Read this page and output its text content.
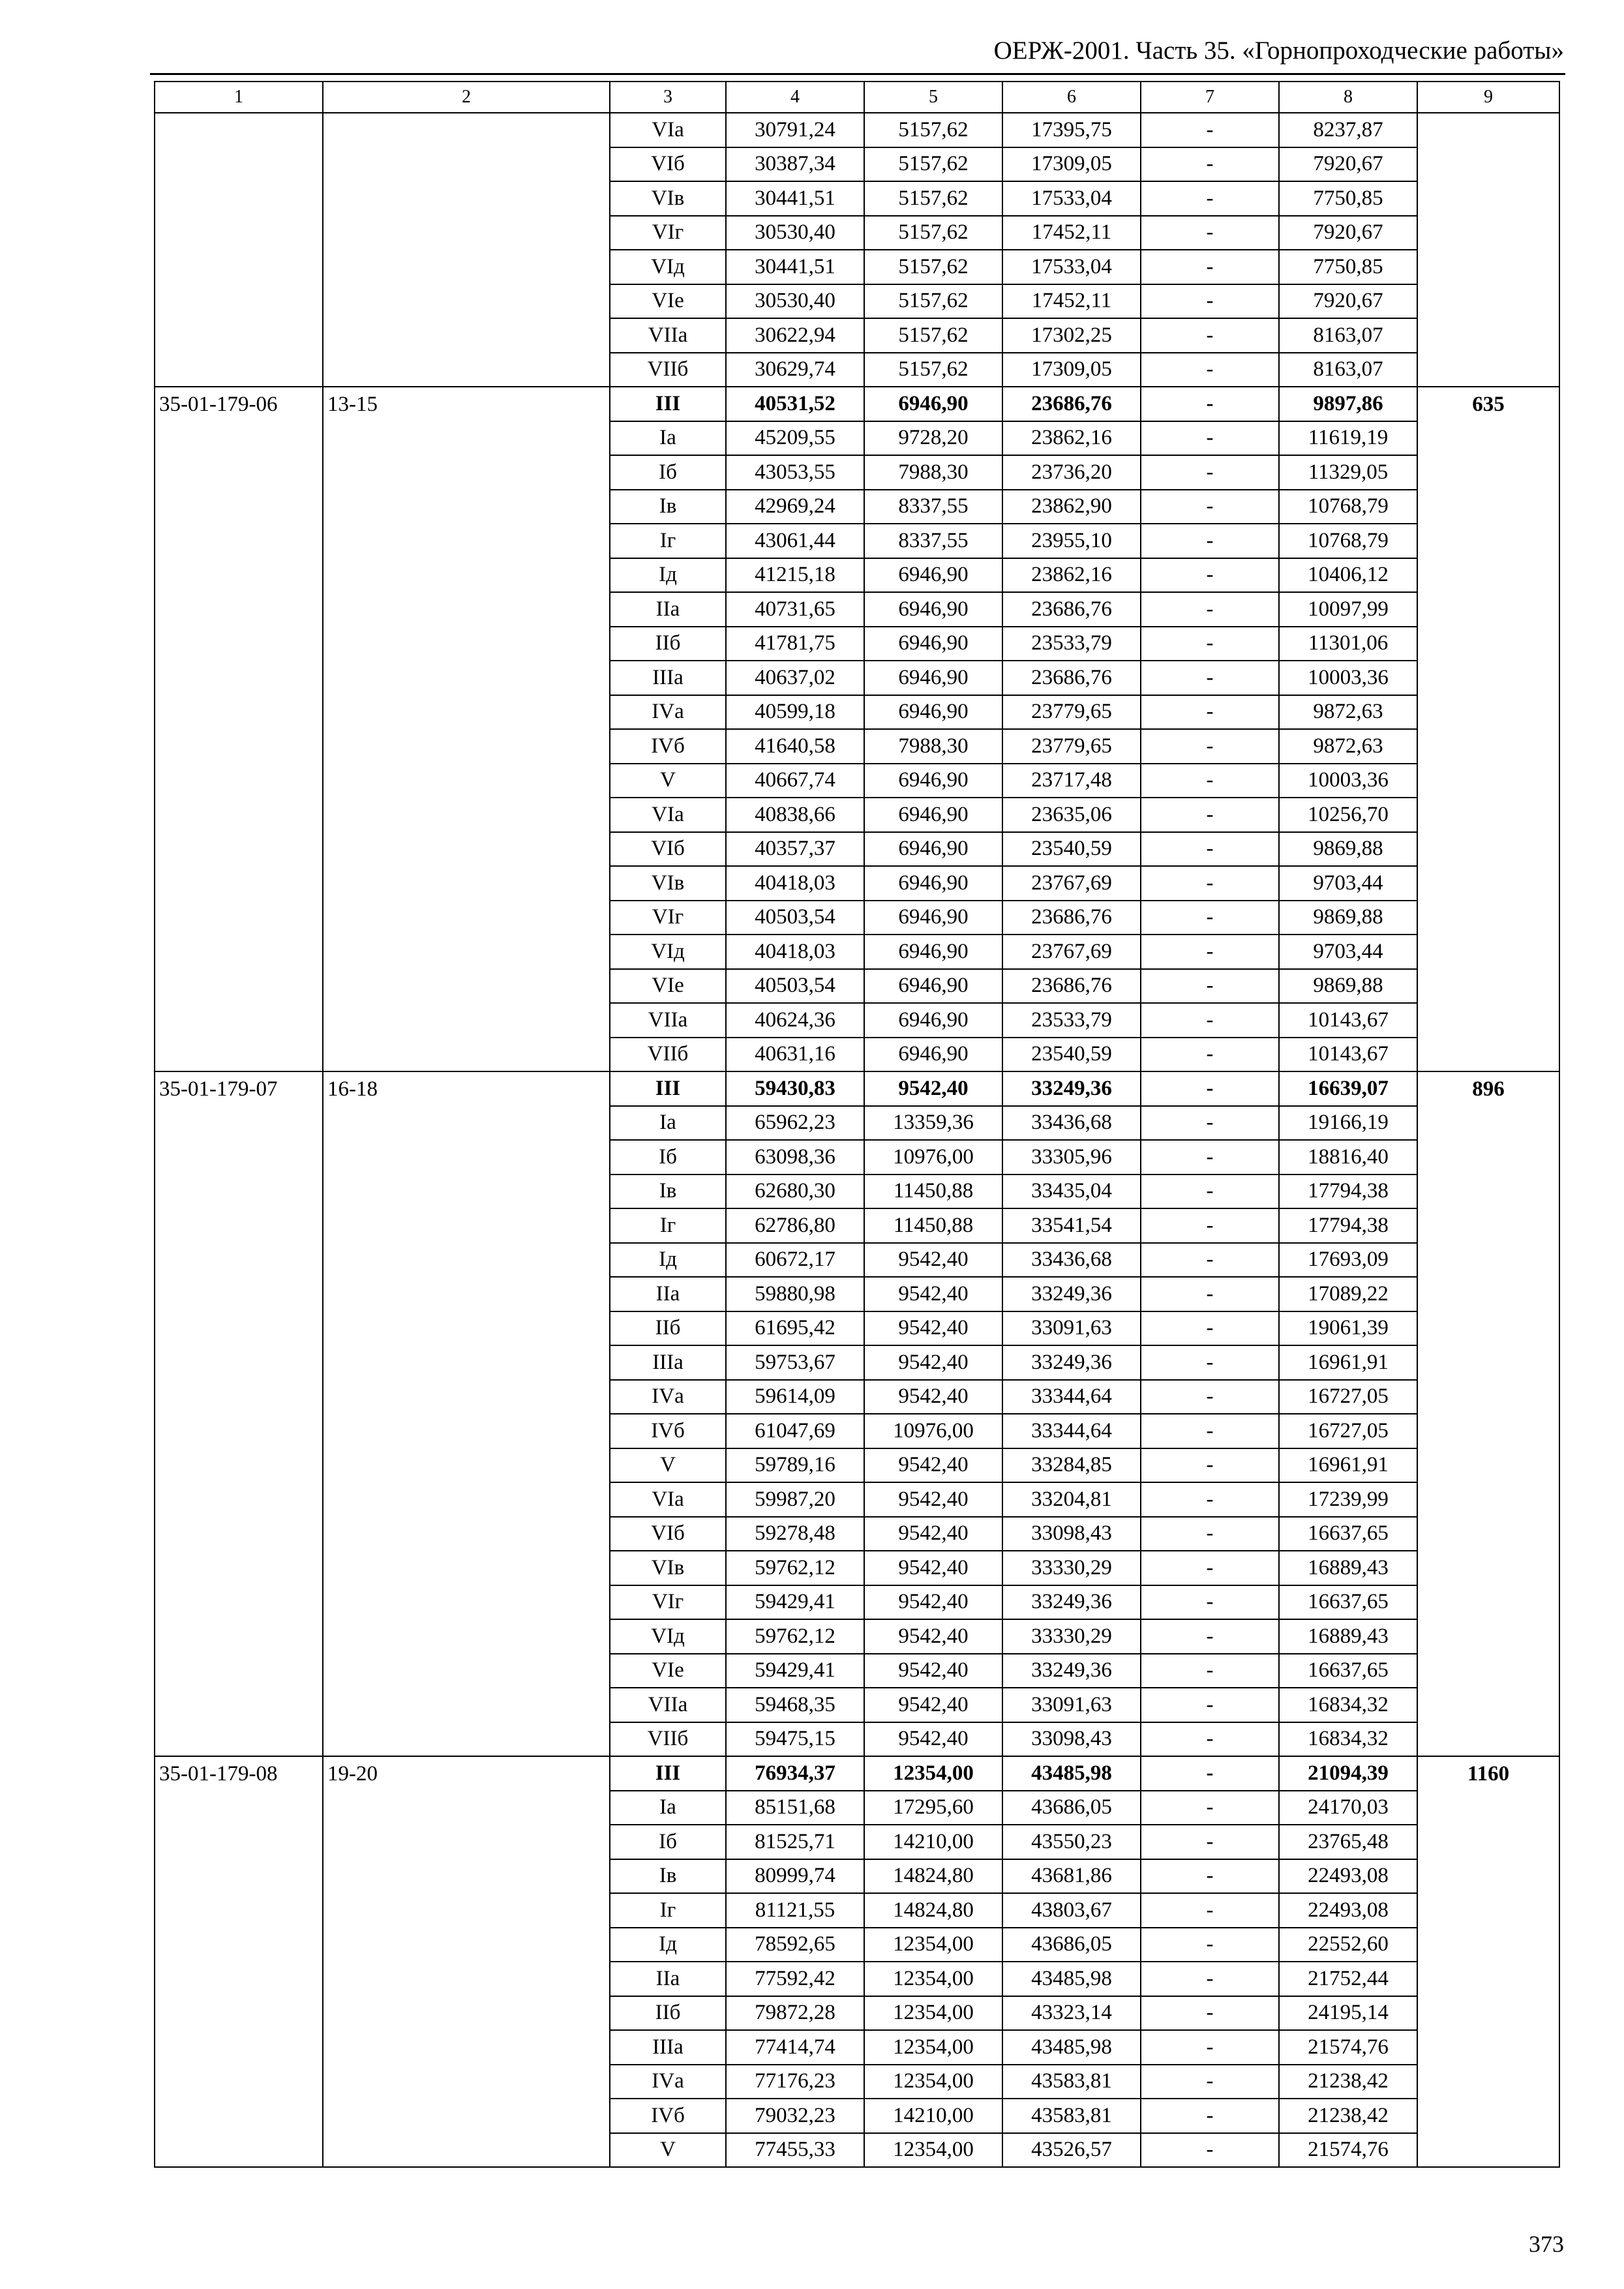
ОЕРЖ-2001. Часть 35. «Горнопроходческие работы»
1	2	3	4	5	6	7	8	9
		VIа	30791,24	5157,62	17395,75	-	8237,87	
		VIб	30387,34	5157,62	17309,05	-	7920,67	
		VIв	30441,51	5157,62	17533,04	-	7750,85	
		VIг	30530,40	5157,62	17452,11	-	7920,67	
		VIд	30441,51	5157,62	17533,04	-	7750,85	
		VIе	30530,40	5157,62	17452,11	-	7920,67	
		VIIа	30622,94	5157,62	17302,25	-	8163,07	
		VIIб	30629,74	5157,62	17309,05	-	8163,07	
35-01-179-06	13-15	III	40531,52	6946,90	23686,76	-	9897,86	635
		Iа	45209,55	9728,20	23862,16	-	11619,19	
		Iб	43053,55	7988,30	23736,20	-	11329,05	
		Iв	42969,24	8337,55	23862,90	-	10768,79	
		Iг	43061,44	8337,55	23955,10	-	10768,79	
		Iд	41215,18	6946,90	23862,16	-	10406,12	
		IIа	40731,65	6946,90	23686,76	-	10097,99	
		IIб	41781,75	6946,90	23533,79	-	11301,06	
		IIIа	40637,02	6946,90	23686,76	-	10003,36	
		IVа	40599,18	6946,90	23779,65	-	9872,63	
		IVб	41640,58	7988,30	23779,65	-	9872,63	
		V	40667,74	6946,90	23717,48	-	10003,36	
		VIа	40838,66	6946,90	23635,06	-	10256,70	
		VIб	40357,37	6946,90	23540,59	-	9869,88	
		VIв	40418,03	6946,90	23767,69	-	9703,44	
		VIг	40503,54	6946,90	23686,76	-	9869,88	
		VIд	40418,03	6946,90	23767,69	-	9703,44	
		VIе	40503,54	6946,90	23686,76	-	9869,88	
		VIIа	40624,36	6946,90	23533,79	-	10143,67	
		VIIб	40631,16	6946,90	23540,59	-	10143,67	
35-01-179-07	16-18	III	59430,83	9542,40	33249,36	-	16639,07	896
		Iа	65962,23	13359,36	33436,68	-	19166,19	
		Iб	63098,36	10976,00	33305,96	-	18816,40	
		Iв	62680,30	11450,88	33435,04	-	17794,38	
		Iг	62786,80	11450,88	33541,54	-	17794,38	
		Iд	60672,17	9542,40	33436,68	-	17693,09	
		IIа	59880,98	9542,40	33249,36	-	17089,22	
		IIб	61695,42	9542,40	33091,63	-	19061,39	
		IIIа	59753,67	9542,40	33249,36	-	16961,91	
		IVа	59614,09	9542,40	33344,64	-	16727,05	
		IVб	61047,69	10976,00	33344,64	-	16727,05	
		V	59789,16	9542,40	33284,85	-	16961,91	
		VIа	59987,20	9542,40	33204,81	-	17239,99	
		VIб	59278,48	9542,40	33098,43	-	16637,65	
		VIв	59762,12	9542,40	33330,29	-	16889,43	
		VIг	59429,41	9542,40	33249,36	-	16637,65	
		VIд	59762,12	9542,40	33330,29	-	16889,43	
		VIе	59429,41	9542,40	33249,36	-	16637,65	
		VIIа	59468,35	9542,40	33091,63	-	16834,32	
		VIIб	59475,15	9542,40	33098,43	-	16834,32	
35-01-179-08	19-20	III	76934,37	12354,00	43485,98	-	21094,39	1160
		Iа	85151,68	17295,60	43686,05	-	24170,03	
		Iб	81525,71	14210,00	43550,23	-	23765,48	
		Iв	80999,74	14824,80	43681,86	-	22493,08	
		Iг	81121,55	14824,80	43803,67	-	22493,08	
		Iд	78592,65	12354,00	43686,05	-	22552,60	
		IIа	77592,42	12354,00	43485,98	-	21752,44	
		IIб	79872,28	12354,00	43323,14	-	24195,14	
		IIIа	77414,74	12354,00	43485,98	-	21574,76	
		IVа	77176,23	12354,00	43583,81	-	21238,42	
		IVб	79032,23	14210,00	43583,81	-	21238,42	
		V	77455,33	12354,00	43526,57	-	21574,76	
373
